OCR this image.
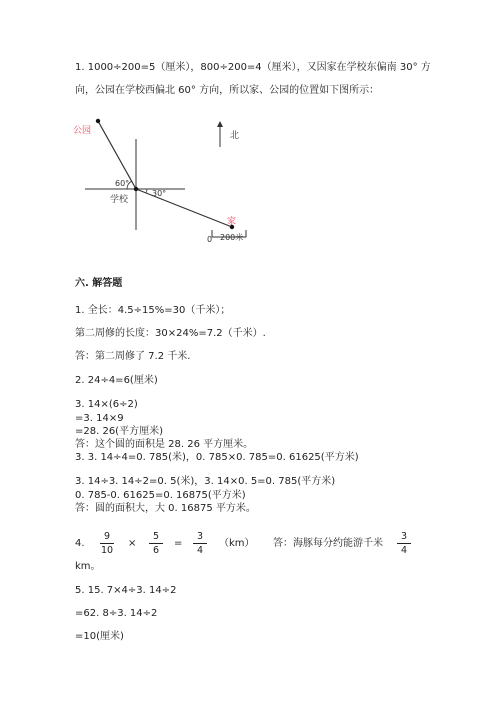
1. 1000÷200=5（厘米），800÷200=4（厘米），又因家在学校东偏南 30° 方
向，公园在学校西偏北 60° 方向，所以家、公园的位置如下图所示：
公园	北
60°
30°
学校
家
0 200米
六. 解答题
1. 全长：4.5÷15%=30（千米）；
第二周修的长度：30×24%=7.2（千米）.
答：第二周修了 7.2 千米.
2. 24÷4=6(厘米)
3. 14×(6÷2)
=3. 14×9
=28. 26(平方厘米)
答：这个圆的面积是 28. 26 平方厘米。
3. 3. 14÷4=0. 785(米)，0. 785×0. 785=0. 61625(平方米)
3. 14÷3. 14÷2=0. 5(米)，3. 14×0. 5=0. 785(平方米)
0. 785-0. 61625=0. 16875(平方米)
答：圆的面积大，大 0. 16875 平方米。
4.
9
10
×
5
6
=
3
4
（km） 答：海豚每分约能游千米
3
4
km。
5. 15. 7×4÷3. 14÷2
=62. 8÷3. 14÷2
=10(厘米)
